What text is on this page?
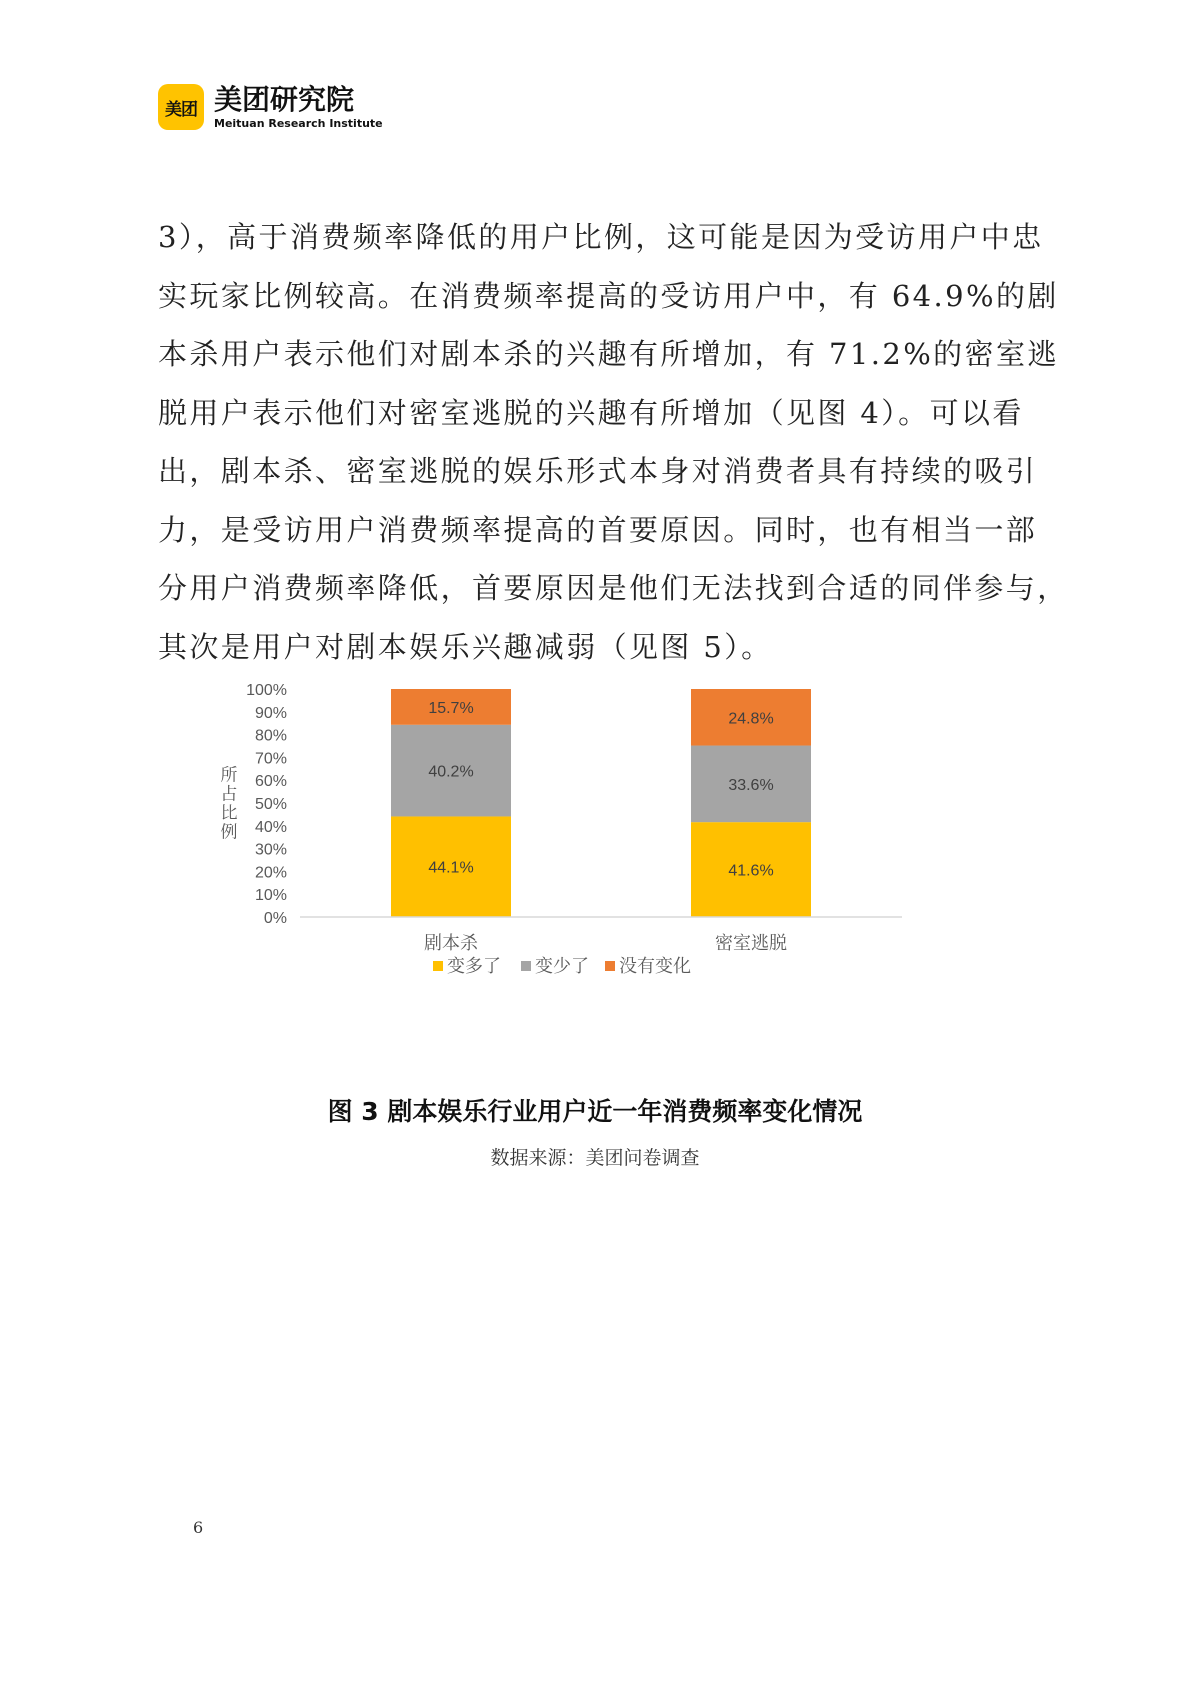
美团 美团研究院
Meituan Research Institute
3），高于消费频率降低的用户比例，这可能是因为受访用户中忠
实玩家比例较高。在消费频率提高的受访用户中，有 64.9%的剧
本杀用户表示他们对剧本杀的兴趣有所增加，有 71.2%的密室逃
脱用户表示他们对密室逃脱的兴趣有所增加（见图 4）。可以看
出，剧本杀、密室逃脱的娱乐形式本身对消费者具有持续的吸引
力，是受访用户消费频率提高的首要原因。同时，也有相当一部
分用户消费频率降低，首要原因是他们无法找到合适的同伴参与，
其次是用户对剧本娱乐兴趣减弱（见图 5）。
0%
10%
20%
30%
40%
50%
60%
70%
80%
90%
100%
所
占
比
例
44.1%
40.2%
15.7%
剧本杀
41.6%
33.6%
24.8%
密室逃脱
变多了 变少了 没有变化
图 3 剧本娱乐行业用户近一年消费频率变化情况
数据来源：美团问卷调查
6
